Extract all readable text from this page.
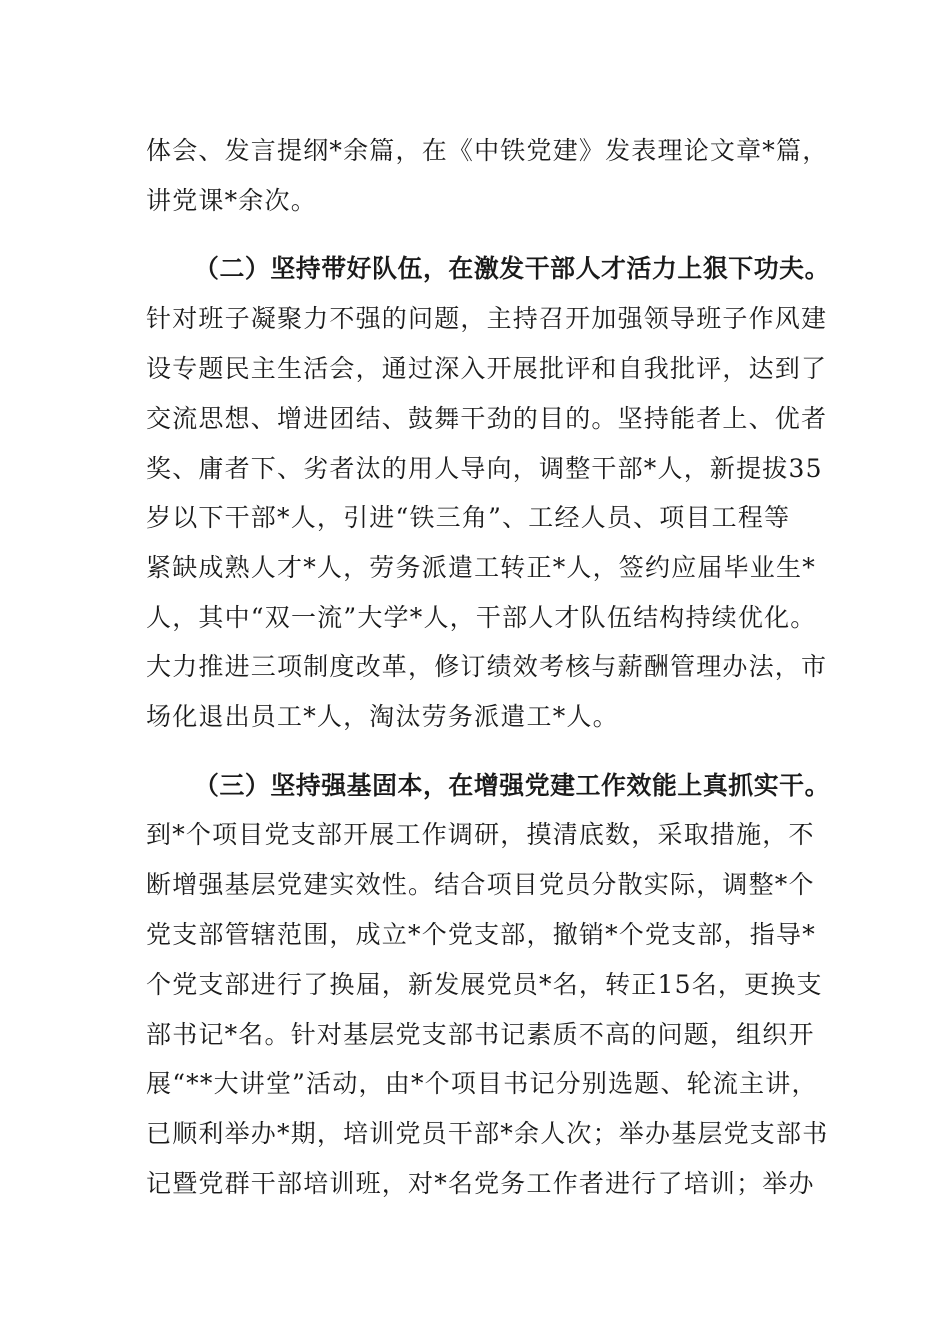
体会、发言提纲*余篇，在《中铁党建》发表理论文章*篇，
讲党课*余次。
（二）坚持带好队伍，在激发干部人才活力上狠下功夫。
针对班子凝聚力不强的问题，主持召开加强领导班子作风建
设专题民主生活会，通过深入开展批评和自我批评，达到了
交流思想、增进团结、鼓舞干劲的目的。坚持能者上、优者
奖、庸者下、劣者汰的用人导向，调整干部*人，新提拔35
岁以下干部*人，引进“铁三角”、工经人员、项目工程等
紧缺成熟人才*人，劳务派遣工转正*人，签约应届毕业生*
人，其中“双一流”大学*人，干部人才队伍结构持续优化。
大力推进三项制度改革，修订绩效考核与薪酬管理办法，市
场化退出员工*人，淘汰劳务派遣工*人。
（三）坚持强基固本，在增强党建工作效能上真抓实干。
到*个项目党支部开展工作调研，摸清底数，采取措施，不
断增强基层党建实效性。结合项目党员分散实际，调整*个
党支部管辖范围，成立*个党支部，撤销*个党支部，指导*
个党支部进行了换届，新发展党员*名，转正15名，更换支
部书记*名。针对基层党支部书记素质不高的问题，组织开
展“**大讲堂”活动，由*个项目书记分别选题、轮流主讲，
已顺利举办*期，培训党员干部*余人次；举办基层党支部书
记暨党群干部培训班，对*名党务工作者进行了培训；举办
